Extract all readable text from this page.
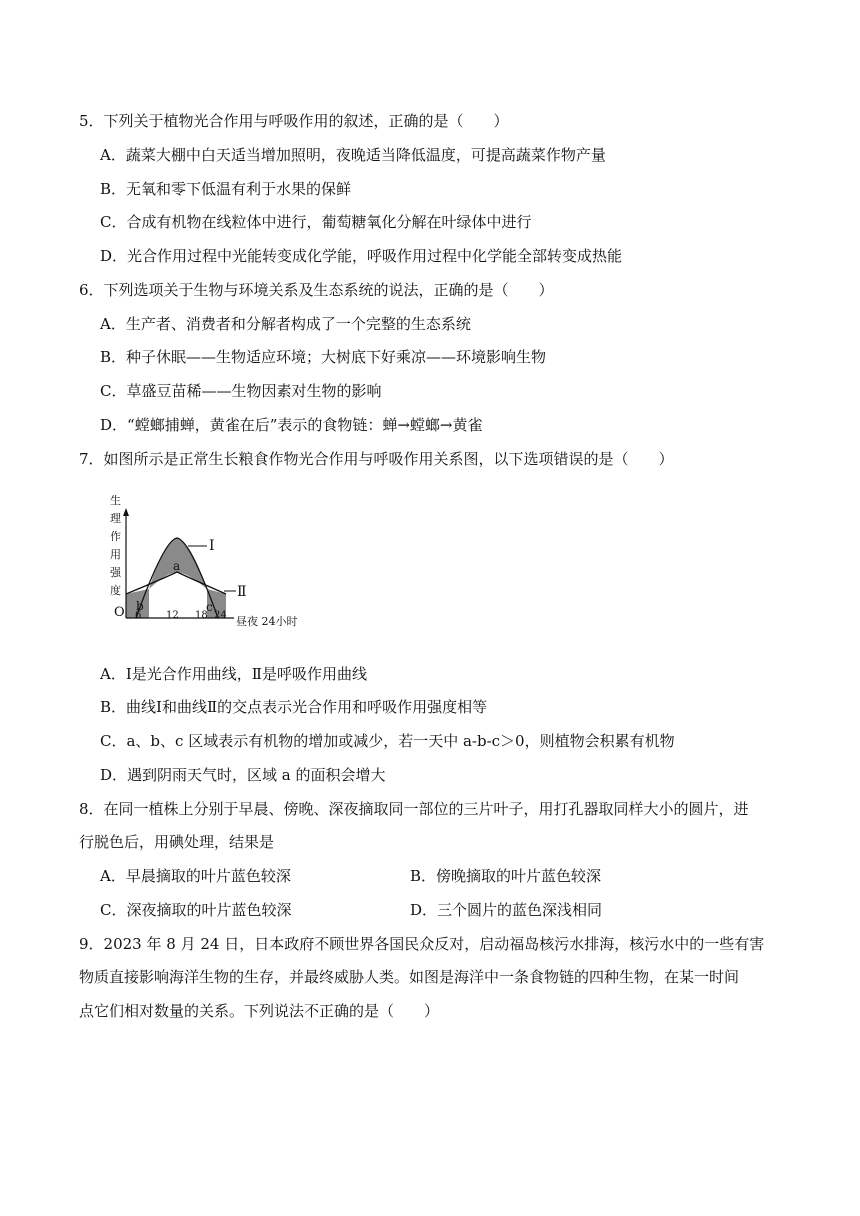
5．下列关于植物光合作用与呼吸作用的叙述，正确的是（　　）
A．蔬菜大棚中白天适当增加照明，夜晚适当降低温度，可提高蔬菜作物产量
B．无氧和零下低温有利于水果的保鲜
C．合成有机物在线粒体中进行，葡萄糖氧化分解在叶绿体中进行
D．光合作用过程中光能转变成化学能，呼吸作用过程中化学能全部转变成热能
6．下列选项关于生物与环境关系及生态系统的说法，正确的是（　　）
A．生产者、消费者和分解者构成了一个完整的生态系统
B．种子休眠——生物适应环境；大树底下好乘凉——环境影响生物
C．草盛豆苗稀——生物因素对生物的影响
D．“螳螂捕蝉，黄雀在后”表示的食物链：蝉→螳螂→黄雀
7．如图所示是正常生长粮食作物光合作用与呼吸作用关系图，以下选项错误的是（　　）
生
理
作
用
强
度
O 6 12 18 24 昼夜 24小时
Ⅰ
Ⅱ
a
b	c
A．Ⅰ是光合作用曲线，Ⅱ是呼吸作用曲线
B．曲线Ⅰ和曲线Ⅱ的交点表示光合作用和呼吸作用强度相等
C．a、b、c 区域表示有机物的增加或减少，若一天中 a-b-c＞0，则植物会积累有机物
D．遇到阴雨天气时，区域 a 的面积会增大
8．在同一植株上分别于早晨、傍晚、深夜摘取同一部位的三片叶子，用打孔器取同样大小的圆片，进
行脱色后，用碘处理，结果是
A．早晨摘取的叶片蓝色较深	B．傍晚摘取的叶片蓝色较深
C．深夜摘取的叶片蓝色较深	D．三个圆片的蓝色深浅相同
9．2023 年 8 月 24 日，日本政府不顾世界各国民众反对，启动福岛核污水排海，核污水中的一些有害
物质直接影响海洋生物的生存，并最终威胁人类。如图是海洋中一条食物链的四种生物，在某一时间
点它们相对数量的关系。下列说法不正确的是（　　）
